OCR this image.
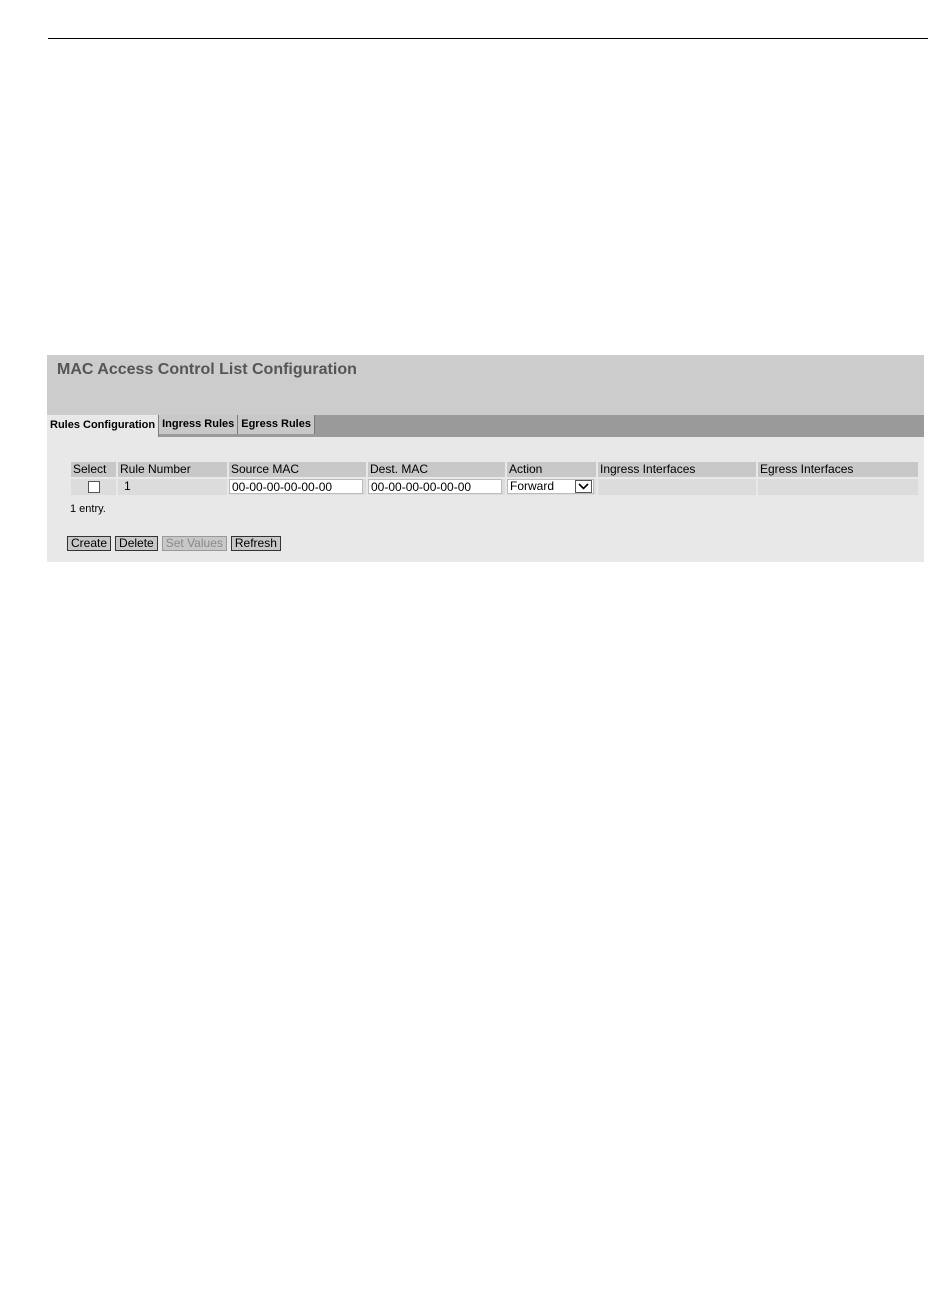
MAC Access Control List Configuration
Rules Configuration Ingress Rules Egress Rules
Select	Rule Number	Source MAC	Dest. MAC	Action	Ingress Interfaces	Egress Interfaces
	1	00-00-00-00-00-00	00-00-00-00-00-00	Forward		

1 entry.
Create	Delete	Set Values	Refresh
